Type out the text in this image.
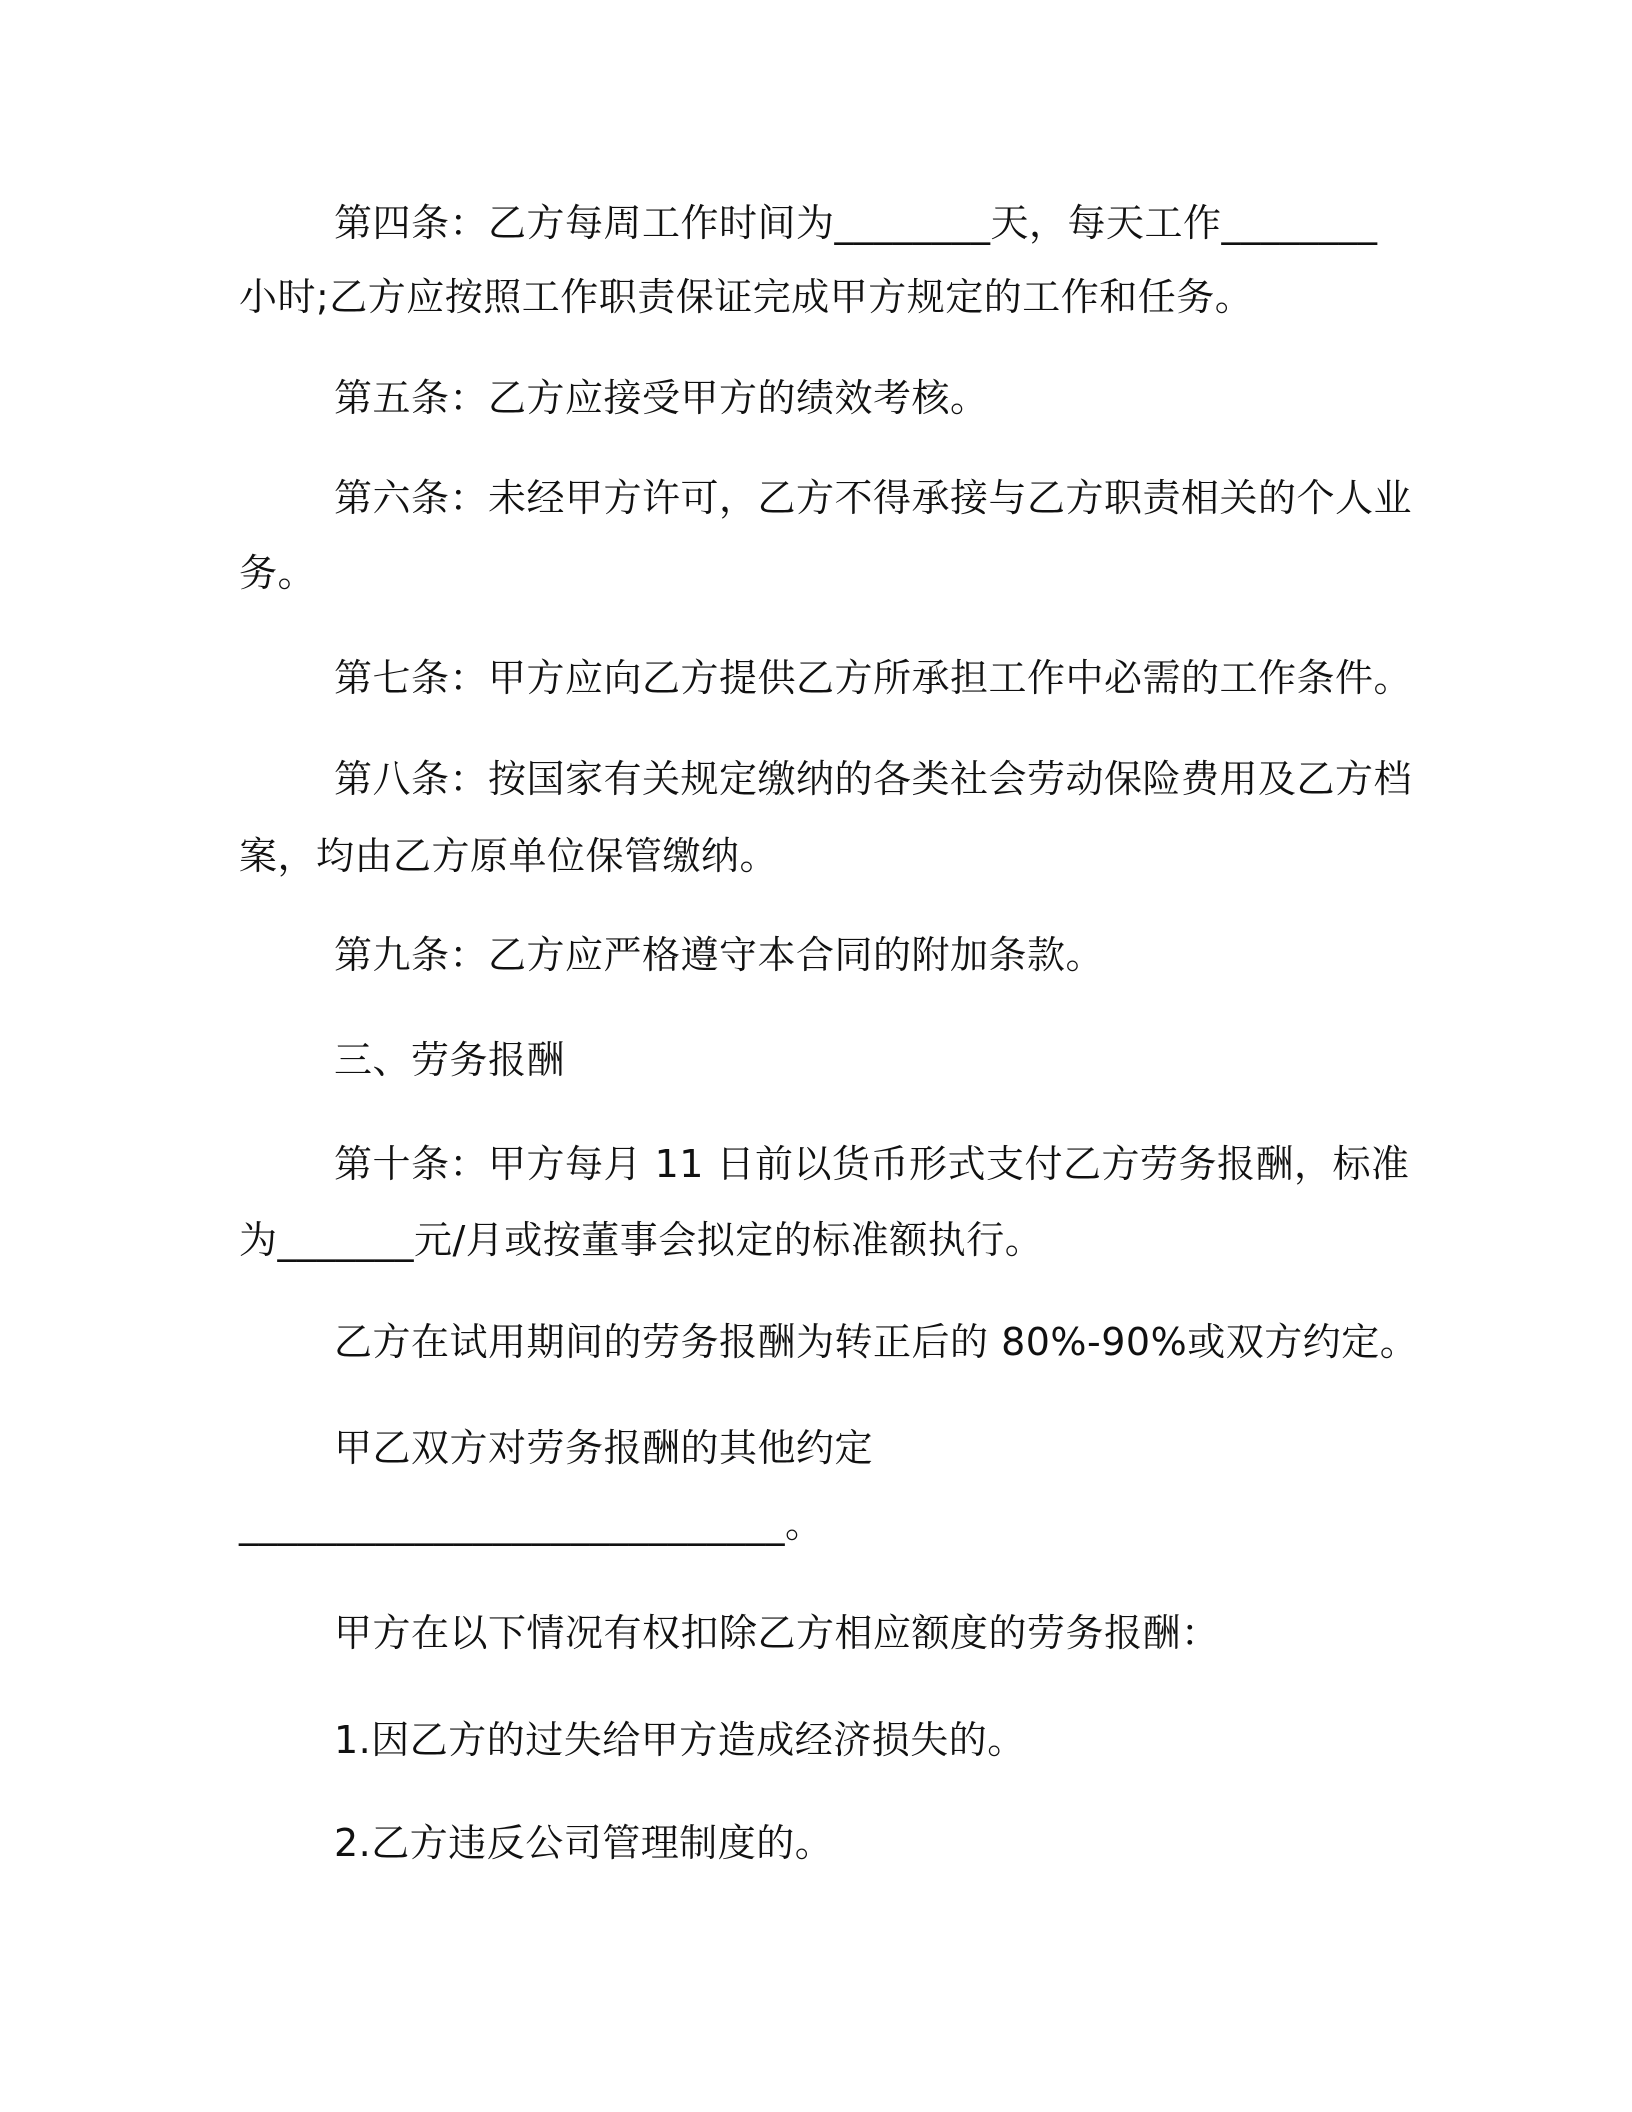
第四条：乙方每周工作时间为________天，每天工作________

小时;乙方应按照工作职责保证完成甲方规定的工作和任务。

第五条：乙方应接受甲方的绩效考核。

第六条：未经甲方许可，乙方不得承接与乙方职责相关的个人业

务。

第七条：甲方应向乙方提供乙方所承担工作中必需的工作条件。

第八条：按国家有关规定缴纳的各类社会劳动保险费用及乙方档

案，均由乙方原单位保管缴纳。

第九条：乙方应严格遵守本合同的附加条款。

三、劳务报酬

第十条：甲方每月 11 日前以货币形式支付乙方劳务报酬，标准

为_______元/月或按董事会拟定的标准额执行。

乙方在试用期间的劳务报酬为转正后的 80%-90%或双方约定。

甲乙双方对劳务报酬的其他约定

____________________________。

甲方在以下情况有权扣除乙方相应额度的劳务报酬：

1.因乙方的过失给甲方造成经济损失的。

2.乙方违反公司管理制度的。
